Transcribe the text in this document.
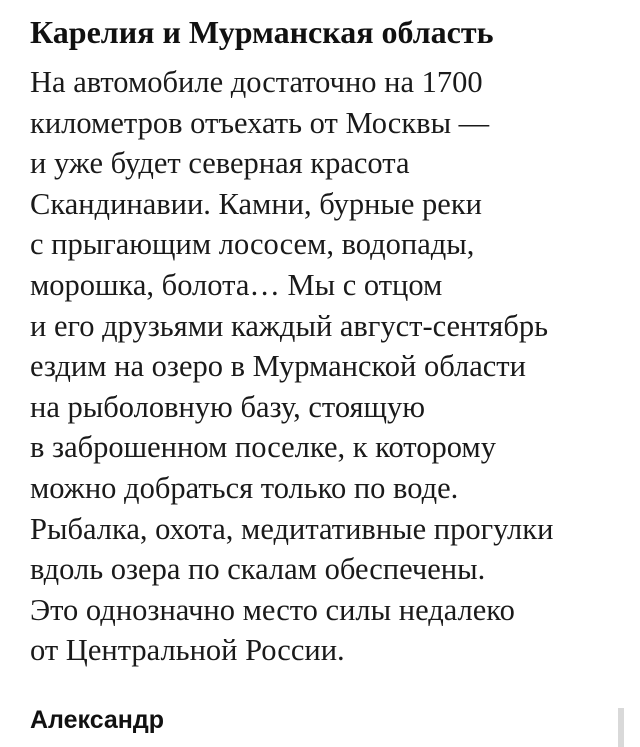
Карелия и Мурманская область
На автомобиле достаточно на 1700
километров отъехать от Москвы —
и уже будет северная красота
Скандинавии. Камни, бурные реки
с прыгающим лососем, водопады,
морошка, болота… Мы с отцом
и его друзьями каждый август-сентябрь
ездим на озеро в Мурманской области
на рыболовную базу, стоящую
в заброшенном поселке, к которому
можно добраться только по воде.
Рыбалка, охота, медитативные прогулки
вдоль озера по скалам обеспечены.
Это однозначно место силы недалеко
от Центральной России.

Александр
